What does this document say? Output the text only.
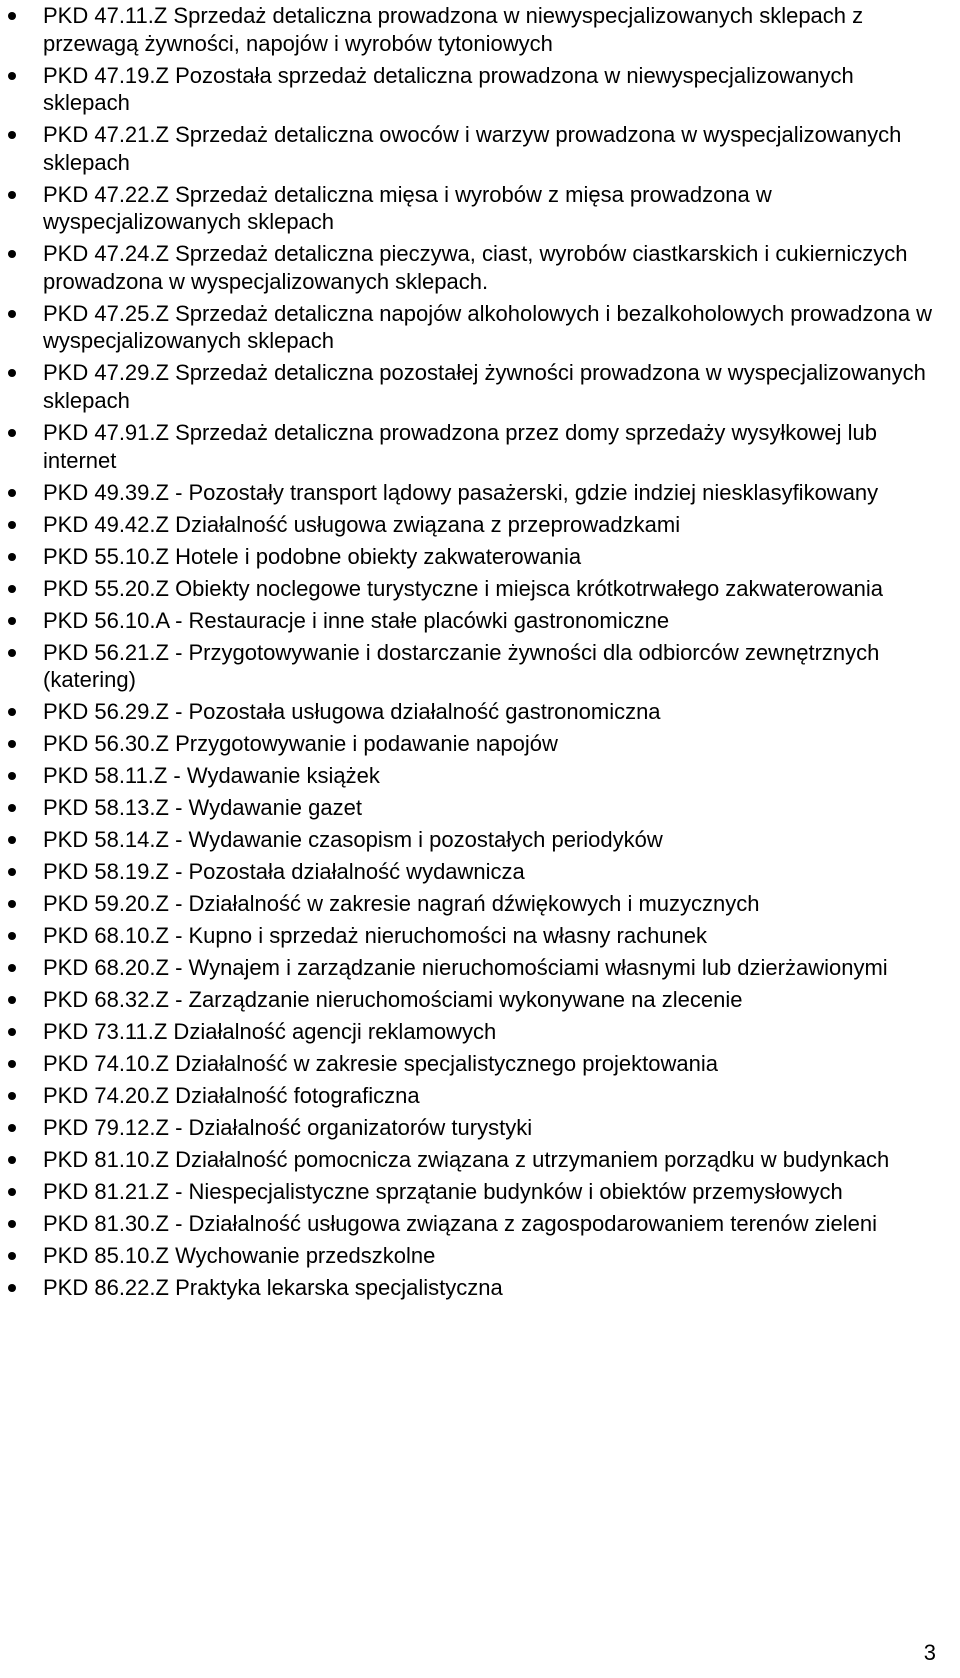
PKD 47.11.Z Sprzedaż detaliczna prowadzona w niewyspecjalizowanych sklepach z przewagą żywności, napojów i wyrobów tytoniowych
PKD 47.19.Z Pozostała sprzedaż detaliczna prowadzona w niewyspecjalizowanych sklepach
PKD 47.21.Z Sprzedaż detaliczna owoców i warzyw prowadzona w wyspecjalizowanych sklepach
PKD 47.22.Z Sprzedaż detaliczna mięsa i wyrobów z mięsa prowadzona w wyspecjalizowanych sklepach
PKD 47.24.Z Sprzedaż detaliczna pieczywa, ciast, wyrobów ciastkarskich i cukierniczych prowadzona w wyspecjalizowanych sklepach.
PKD 47.25.Z Sprzedaż detaliczna napojów alkoholowych i bezalkoholowych prowadzona w wyspecjalizowanych sklepach
PKD 47.29.Z Sprzedaż detaliczna pozostałej żywności prowadzona w wyspecjalizowanych sklepach
PKD 47.91.Z Sprzedaż detaliczna prowadzona przez domy sprzedaży wysyłkowej lub internet
PKD 49.39.Z - Pozostały transport lądowy pasażerski, gdzie indziej niesklasyfikowany
PKD 49.42.Z Działalność usługowa związana z przeprowadzkami
PKD 55.10.Z Hotele i podobne obiekty zakwaterowania
PKD 55.20.Z Obiekty noclegowe turystyczne i miejsca krótkotrwałego zakwaterowania
PKD 56.10.A - Restauracje i inne stałe placówki gastronomiczne
PKD 56.21.Z - Przygotowywanie i dostarczanie żywności dla odbiorców zewnętrznych (katering)
PKD 56.29.Z - Pozostała usługowa działalność gastronomiczna
PKD 56.30.Z Przygotowywanie i podawanie napojów
PKD 58.11.Z - Wydawanie książek
PKD 58.13.Z - Wydawanie gazet
PKD 58.14.Z - Wydawanie czasopism i pozostałych periodyków
PKD 58.19.Z - Pozostała działalność wydawnicza
PKD 59.20.Z - Działalność w zakresie nagrań dźwiękowych i muzycznych
PKD 68.10.Z - Kupno i sprzedaż nieruchomości na własny rachunek
PKD 68.20.Z - Wynajem i zarządzanie nieruchomościami własnymi lub dzierżawionymi
PKD 68.32.Z - Zarządzanie nieruchomościami wykonywane na zlecenie
PKD 73.11.Z Działalność agencji reklamowych
PKD 74.10.Z Działalność w zakresie specjalistycznego projektowania
PKD 74.20.Z Działalność fotograficzna
PKD 79.12.Z - Działalność organizatorów turystyki
PKD 81.10.Z Działalność pomocnicza związana z utrzymaniem porządku w budynkach
PKD 81.21.Z - Niespecjalistyczne sprzątanie budynków i obiektów przemysłowych
PKD 81.30.Z - Działalność usługowa związana z zagospodarowaniem terenów zieleni
PKD 85.10.Z Wychowanie przedszkolne
PKD 86.22.Z Praktyka lekarska specjalistyczna
3
